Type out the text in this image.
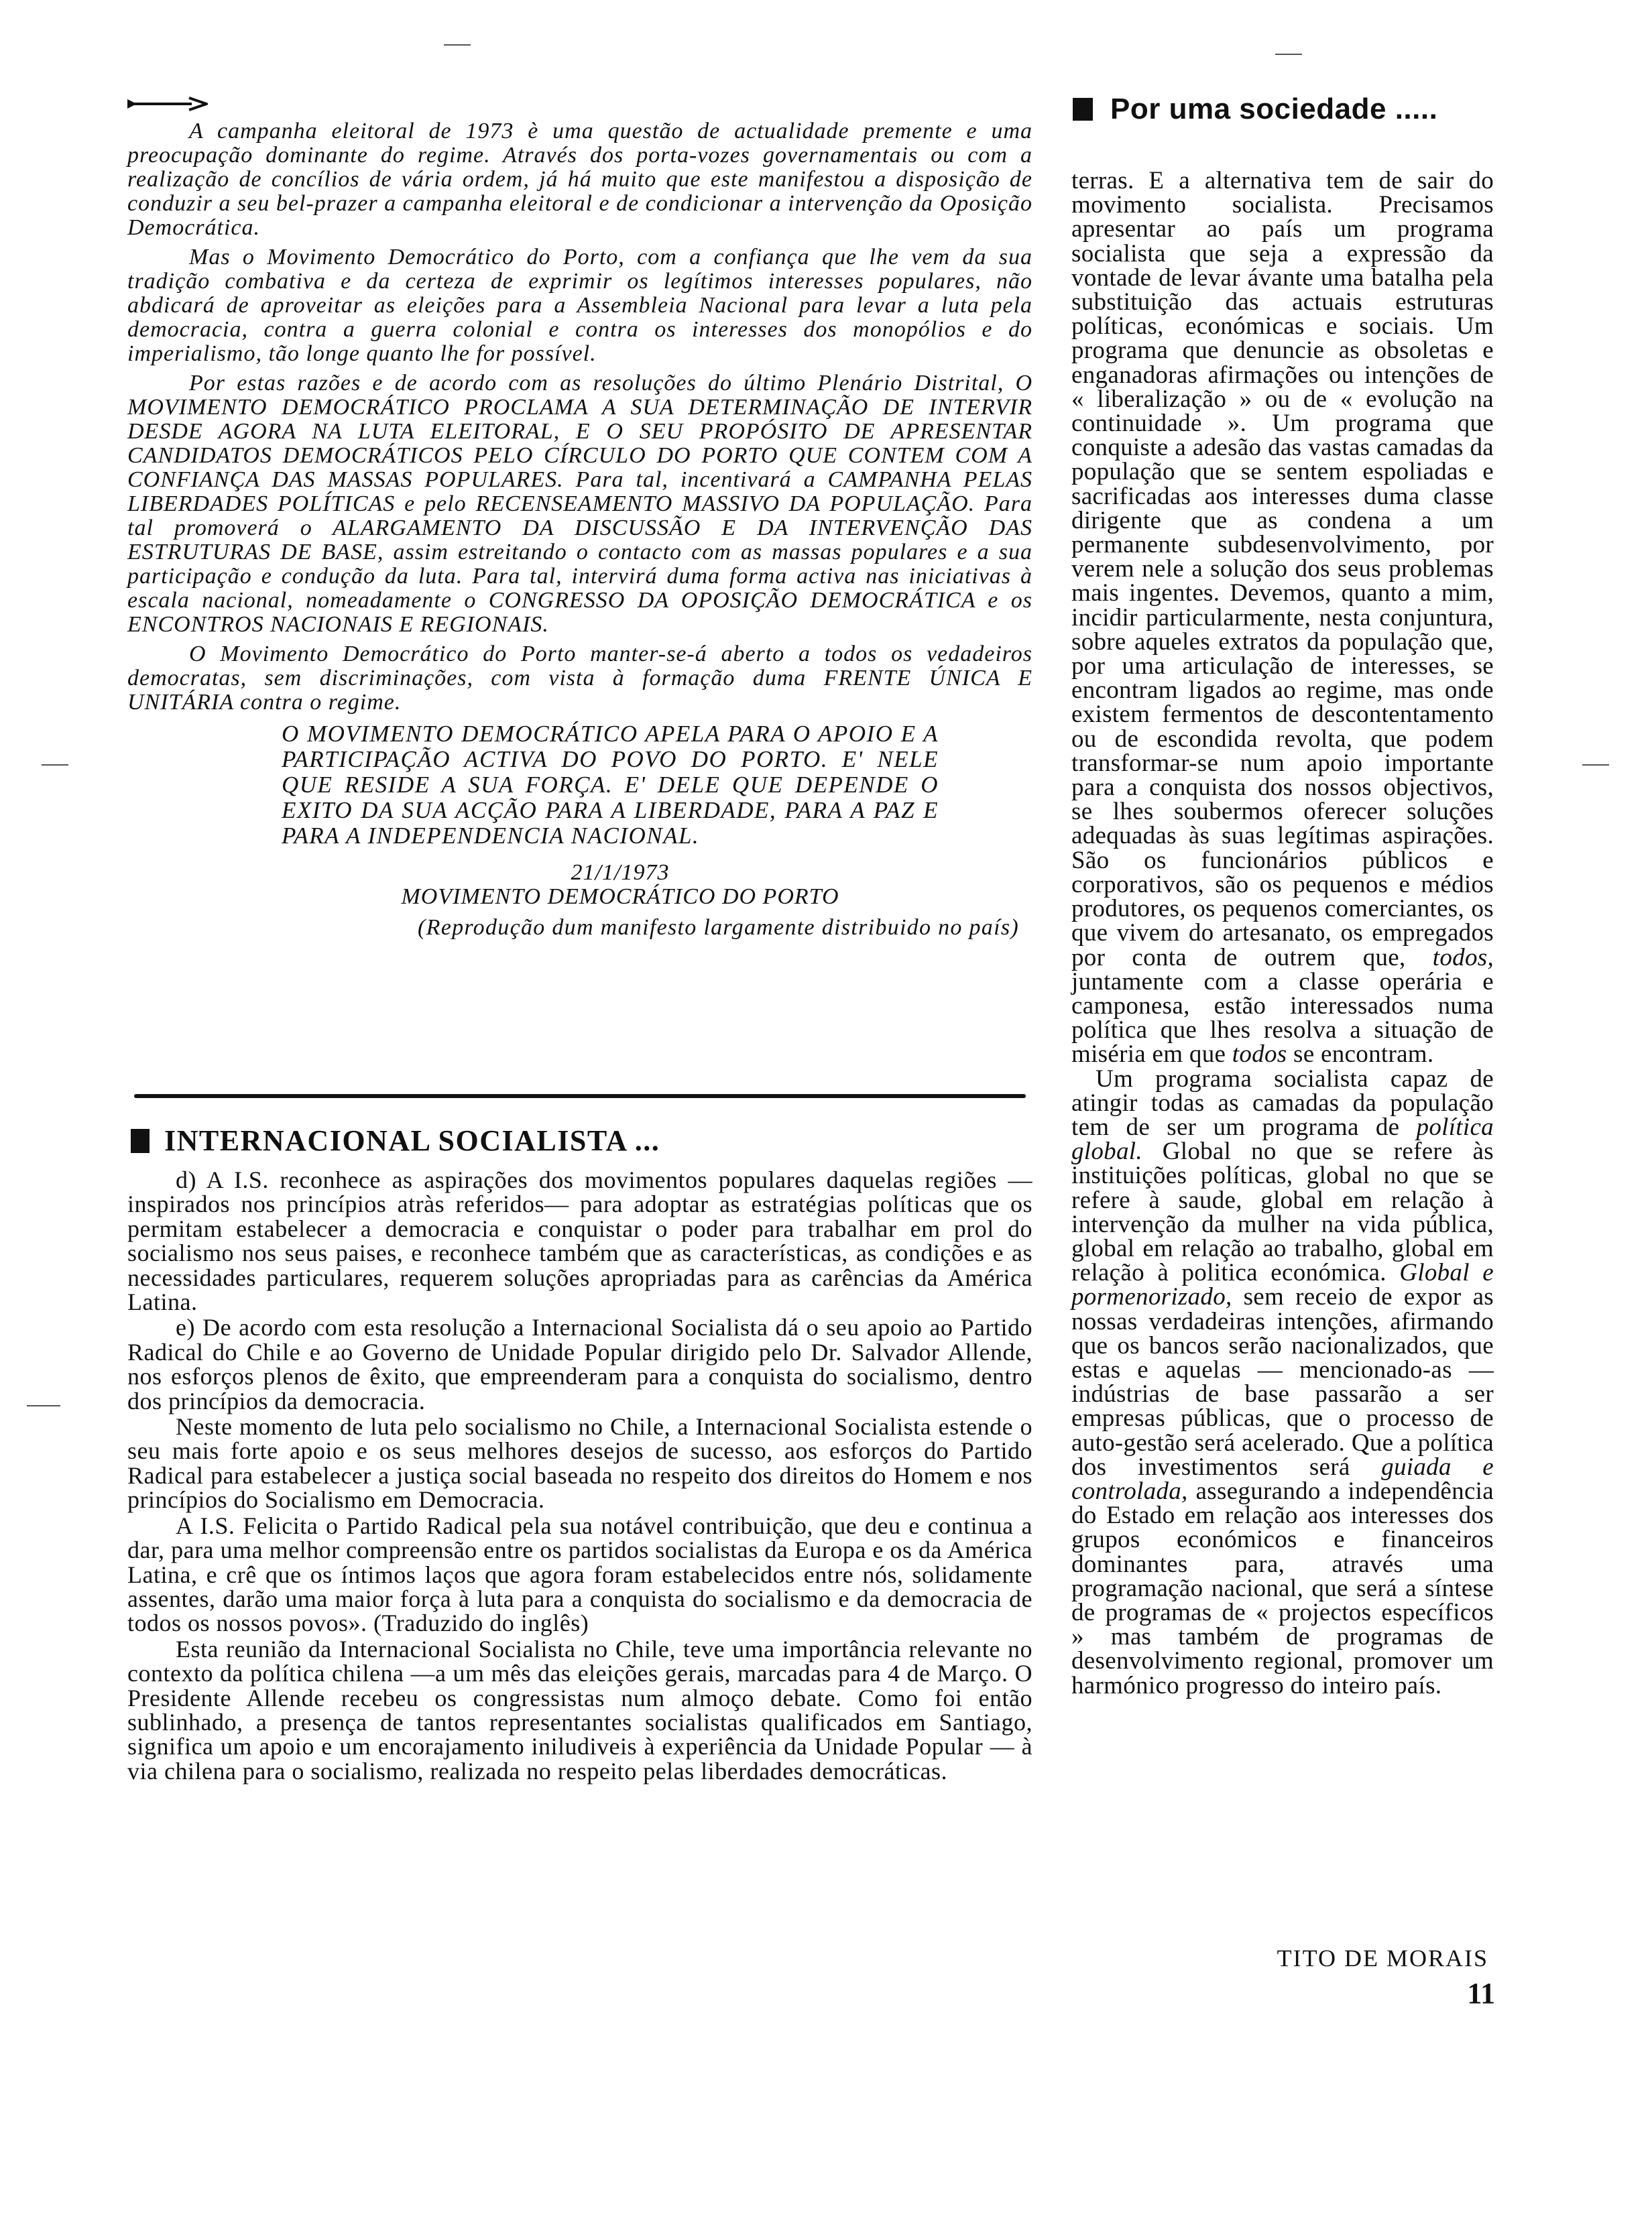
A campanha eleitoral de 1973 è uma questão de actualidade premente e uma preocupação dominante do regime. Através dos porta-vozes governamentais ou com a realização de concílios de vária ordem, já há muito que este manifestou a disposição de conduzir a seu bel-prazer a campanha eleitoral e de condicionar a intervenção da Oposição Democrática.

Mas o Movimento Democrático do Porto, com a confiança que lhe vem da sua tradição combativa e da certeza de exprimir os legítimos interesses populares, não abdicará de aproveitar as eleições para a Assembleia Nacional para levar a luta pela democracia, contra a guerra colonial e contra os interesses dos monopólios e do imperialismo, tão longe quanto lhe for possível.

Por estas razões e de acordo com as resoluções do último Plenário Distrital, O MOVIMENTO DEMOCRÁTICO PROCLAMA A SUA DETERMINAÇÃO DE INTERVIR DESDE AGORA NA LUTA ELEITORAL, E O SEU PROPÓSITO DE APRESENTAR CANDIDATOS DEMOCRÁTICOS PELO CÍRCULO DO PORTO QUE CONTEM COM A CONFIANÇA DAS MASSAS POPULARES. Para tal, incentivará a CAMPANHA PELAS LIBERDADES POLÍTICAS e pelo RECENSEAMENTO MASSIVO DA POPULAÇÃO. Para tal promoverá o ALARGAMENTO DA DISCUSSÃO E DA INTERVENÇÃO DAS ESTRUTURAS DE BASE, assim estreitando o contacto com as massas populares e a sua participação e condução da luta. Para tal, intervirá duma forma activa nas iniciativas à escala nacional, nomeadamente o CONGRESSO DA OPOSIÇÃO DEMOCRÁTICA e os ENCONTROS NACIONAIS E REGIONAIS.

O Movimento Democrático do Porto manter-se-á aberto a todos os vedadeiros democratas, sem discriminações, com vista à formação duma FRENTE ÚNICA E UNITÁRIA contra o regime.

O MOVIMENTO DEMOCRÁTICO APELA PARA O APOIO E A PARTICIPAÇÃO ACTIVA DO POVO DO PORTO. E' NELE QUE RESIDE A SUA FORÇA. E' DELE QUE DEPENDE O EXITO DA SUA ACÇÃO PARA A LIBERDADE, PARA A PAZ E PARA A INDEPENDENCIA NACIONAL.
21/1/1973
MOVIMENTO DEMOCRÁTICO DO PORTO
(Reprodução dum manifesto largamente distribuido no país)
INTERNACIONAL SOCIALISTA ...

d) A I.S. reconhece as aspirações dos movimentos populares daquelas regiões —inspirados nos princípios atràs referidos— para adoptar as estratégias políticas que os permitam estabelecer a democracia e conquistar o poder para trabalhar em prol do socialismo nos seus paises, e reconhece também que as características, as condições e as necessidades particulares, requerem soluções apropriadas para as carências da América Latina.

e) De acordo com esta resolução a Internacional Socialista dá o seu apoio ao Partido Radical do Chile e ao Governo de Unidade Popular dirigido pelo Dr. Salvador Allende, nos esforços plenos de êxito, que empreenderam para a conquista do socialismo, dentro dos princípios da democracia.

Neste momento de luta pelo socialismo no Chile, a Internacional Socialista estende o seu mais forte apoio e os seus melhores desejos de sucesso, aos esforços do Partido Radical para estabelecer a justiça social baseada no respeito dos direitos do Homem e nos princípios do Socialismo em Democracia.

A I.S. Felicita o Partido Radical pela sua notável contribuição, que deu e continua a dar, para uma melhor compreensão entre os partidos socialistas da Europa e os da América Latina, e crê que os íntimos laços que agora foram estabelecidos entre nós, solidamente assentes, darão uma maior força à luta para a conquista do socialismo e da democracia de todos os nossos povos». (Traduzido do inglês)

Esta reunião da Internacional Socialista no Chile, teve uma importância relevante no contexto da política chilena —a um mês das eleições gerais, marcadas para 4 de Março. O Presidente Allende recebeu os congressistas num almoço debate. Como foi então sublinhado, a presença de tantos representantes socialistas qualificados em Santiago, significa um apoio e um encorajamento iniludiveis à experiência da Unidade Popular — à via chilena para o socialismo, realizada no respeito pelas liberdades democráticas.

Por uma sociedade .....

terras. E a alternativa tem de sair do movimento socialista. Precisamos apresentar ao país um programa socialista que seja a expressão da vontade de levar ávante uma batalha pela substituição das actuais estruturas políticas, económicas e sociais. Um programa que denuncie as obsoletas e enganadoras afirmações ou intenções de « liberalização » ou de « evolução na continuidade ». Um programa que conquiste a adesão das vastas camadas da população que se sentem espoliadas e sacrificadas aos interesses duma classe dirigente que as condena a um permanente subdesenvolvimento, por verem nele a solução dos seus problemas mais ingentes. Devemos, quanto a mim, incidir particularmente, nesta conjuntura, sobre aqueles extratos da população que, por uma articulação de interesses, se encontram ligados ao regime, mas onde existem fermentos de descontentamento ou de escondida revolta, que podem transformar-se num apoio importante para a conquista dos nossos objectivos, se lhes soubermos oferecer soluções adequadas às suas legítimas aspirações. São os funcionários públicos e corporativos, são os pequenos e médios produtores, os pequenos comerciantes, os que vivem do artesanato, os empregados por conta de outrem que, todos, juntamente com a classe operária e camponesa, estão interessados numa política que lhes resolva a situação de miséria em que todos se encontram.

Um programa socialista capaz de atingir todas as camadas da população tem de ser um programa de política global. Global no que se refere às instituições políticas, global no que se refere à saude, global em relação à intervenção da mulher na vida pública, global em relação ao trabalho, global em relação à politica económica. Global e pormenorizado, sem receio de expor as nossas verdadeiras intenções, afirmando que os bancos serão nacionalizados, que estas e aquelas — mencionado-as — indústrias de base passarão a ser empresas públicas, que o processo de auto-gestão será acelerado. Que a política dos investimentos será guiada e controlada, assegurando a independência do Estado em relação aos interesses dos grupos económicos e financeiros dominantes para, através uma programação nacional, que será a síntese de programas de « projectos específicos » mas também de programas de desenvolvimento regional, promover um harmónico progresso do inteiro país.

TITO DE MORAIS
11
